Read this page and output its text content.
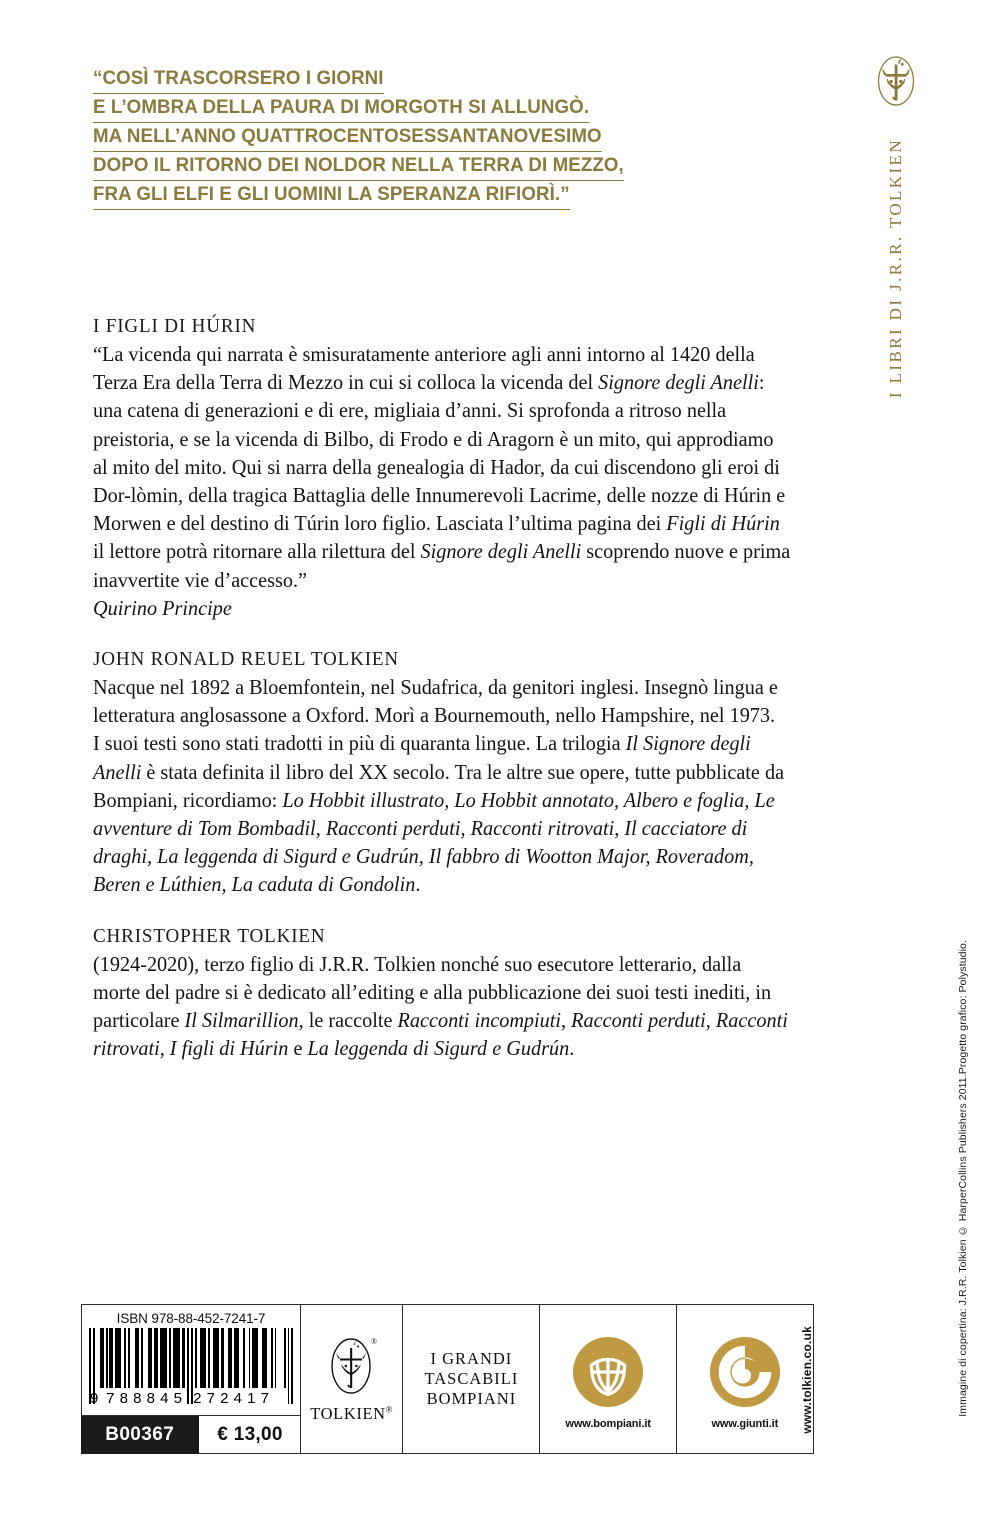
“COSÌ TRASCORSERO I GIORNI
E L’OMBRA DELLA PAURA DI MORGOTH SI ALLUNGÒ.
MA NELL’ANNO QUATTROCENTOSESSANTANOVESIMO
DOPO IL RITORNO DEI NOLDOR NELLA TERRA DI MEZZO,
FRA GLI ELFI E GLI UOMINI LA SPERANZA RIFIORÌ.”
I FIGLI DI HÚRIN

“La vicenda qui narrata è smisuratamente anteriore agli anni intorno al 1420 della Terza Era della Terra di Mezzo in cui si colloca la vicenda del Signore degli Anelli: una catena di generazioni e di ere, migliaia d’anni. Si sprofonda a ritroso nella preistoria, e se la vicenda di Bilbo, di Frodo e di Aragorn è un mito, qui approdiamo al mito del mito. Qui si narra della genealogia di Hador, da cui discendono gli eroi di Dor-lòmin, della tragica Battaglia delle Innumerevoli Lacrime, delle nozze di Húrin e Morwen e del destino di Túrin loro figlio. Lasciata l’ultima pagina dei Figli di Húrin il lettore potrà ritornare alla rilettura del Signore degli Anelli scoprendo nuove e prima inavvertite vie d’accesso.”

Quirino Principe

JOHN RONALD REUEL TOLKIEN

Nacque nel 1892 a Bloemfontein, nel Sudafrica, da genitori inglesi. Insegnò lingua e letteratura anglosassone a Oxford. Morì a Bournemouth, nello Hampshire, nel 1973.
I suoi testi sono stati tradotti in più di quaranta lingue. La trilogia Il Signore degli Anelli è stata definita il libro del XX secolo. Tra le altre sue opere, tutte pubblicate da Bompiani, ricordiamo: Lo Hobbit illustrato, Lo Hobbit annotato, Albero e foglia, Le avventure di Tom Bombadil, Racconti perduti, Racconti ritrovati, Il cacciatore di draghi, La leggenda di Sigurd e Gudrún, Il fabbro di Wootton Major, Roveradom, Beren e Lúthien, La caduta di Gondolin.

CHRISTOPHER TOLKIEN

(1924-2020), terzo figlio di J.R.R. Tolkien nonché suo esecutore letterario, dalla morte del padre si è dedicato all’editing e alla pubblicazione dei suoi testi inediti, in particolare Il Silmarillion, le raccolte Racconti incompiuti, Racconti perduti, Racconti ritrovati, I figli di Húrin e La leggenda di Sigurd e Gudrún.

I LIBRI DI J.R.R. TOLKIEN
Immagine di copertina: J.R.R. Tolkien © HarperCollins Publishers 2011.Progetto grafico: Polystudio.
ISBN 978-88-452-7241-7
9 7 8 8 8 4 5 2 7 2 4 1 7
B00367	€ 13,00
®
TOLKIEN®
I GRANDI
TASCABILI
BOMPIANI
www.bompiani.it	www.giunti.it www.tolkien.co.uk
